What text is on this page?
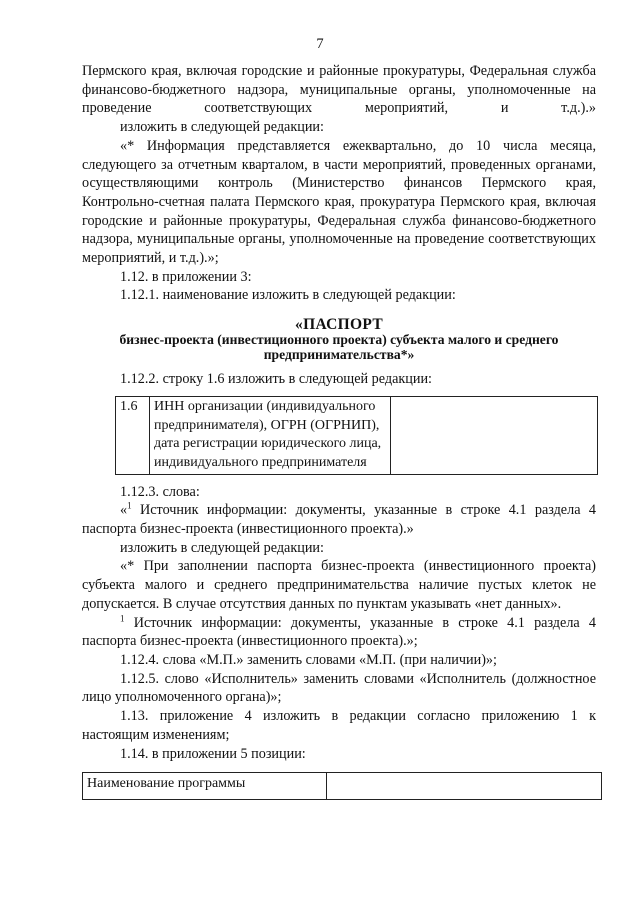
7

Пермского края, включая городские и районные прокуратуры, Федеральная служба финансово-бюджетного надзора, муниципальные органы, уполномоченные на проведение соответствующих мероприятий, и т.д.).»

изложить в следующей редакции:

«* Информация представляется ежеквартально, до 10 числа месяца, следующего за отчетным кварталом, в части мероприятий, проведенных органами, осуществляющими контроль (Министерство финансов Пермского края, Контрольно-счетная палата Пермского края, прокуратура Пермского края, включая городские и районные прокуратуры, Федеральная служба финансово-бюджетного надзора, муниципальные органы, уполномоченные на проведение соответствующих мероприятий, и т.д.).»;

1.12. в приложении 3:

1.12.1. наименование изложить в следующей редакции:

«ПАСПОРТ
бизнес-проекта (инвестиционного проекта) субъекта малого и среднего предпринимательства*»

1.12.2. строку 1.6 изложить в следующей редакции:

1.6	ИНН организации (индивидуального предпринимателя), ОГРН (ОГРНИП), дата регистрации юридического лица, индивидуального предпринимателя	

1.12.3. слова:

«$^1$ Источник информации: документы, указанные в строке 4.1 раздела 4 паспорта бизнес-проекта (инвестиционного проекта).»

изложить в следующей редакции:

«* При заполнении паспорта бизнес-проекта (инвестиционного проекта) субъекта малого и среднего предпринимательства наличие пустых клеток не допускается. В случае отсутствия данных по пунктам указывать «нет данных».

$^1$ Источник информации: документы, указанные в строке 4.1 раздела 4 паспорта бизнес-проекта (инвестиционного проекта).»;

1.12.4. слова «М.П.» заменить словами «М.П. (при наличии)»;

1.12.5. слово «Исполнитель» заменить словами «Исполнитель (должностное лицо уполномоченного органа)»;

1.13. приложение 4 изложить в редакции согласно приложению 1 к настоящим изменениям;

1.14. в приложении 5 позиции:

Наименование программы	
